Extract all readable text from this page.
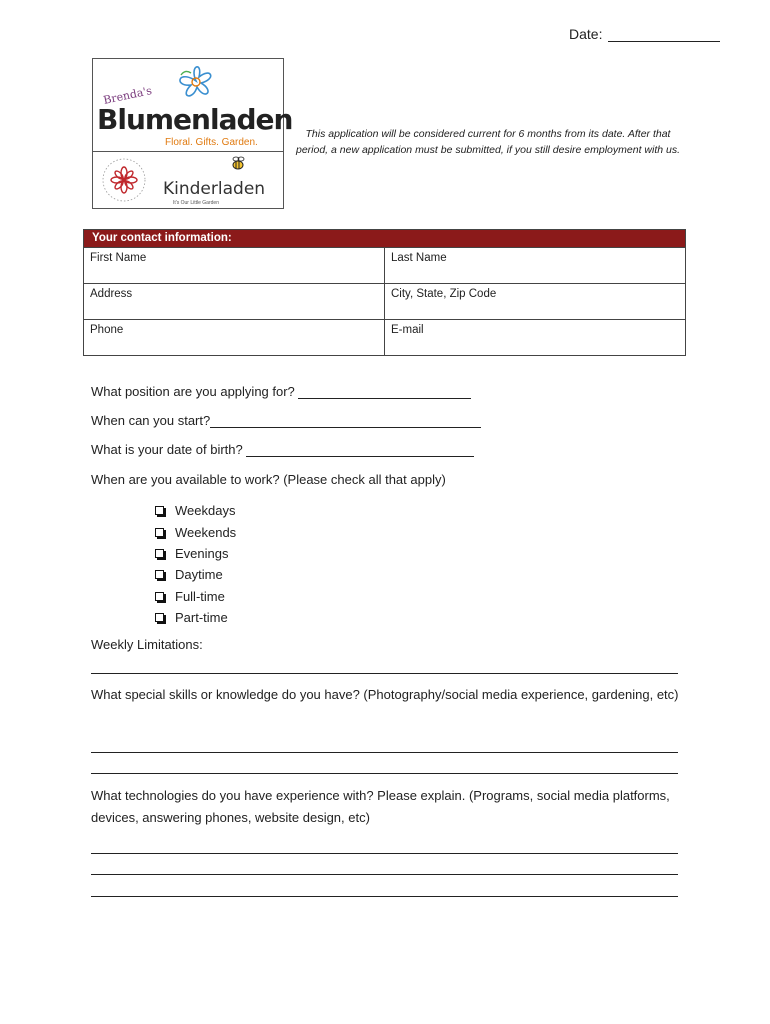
Date:
Brenda's
Blumenladen
Floral. Gifts. Garden.
Kinderladen
It's Our Little Garden
This application will be considered current for 6 months from its date. After that period, a new application must be submitted, if you still desire employment with us.
Your contact information:
First Name	Last Name
Address	City, State, Zip Code
Phone	E-mail
What position are you applying for?
When can you start?
What is your date of birth?
When are you available to work? (Please check all that apply)
Weekdays
Weekends
Evenings
Daytime
Full-time
Part-time
Weekly Limitations:
What special skills or knowledge do you have? (Photography/social media experience, gardening, etc)
What technologies do you have experience with? Please explain. (Programs, social media platforms, devices, answering phones, website design, etc)
